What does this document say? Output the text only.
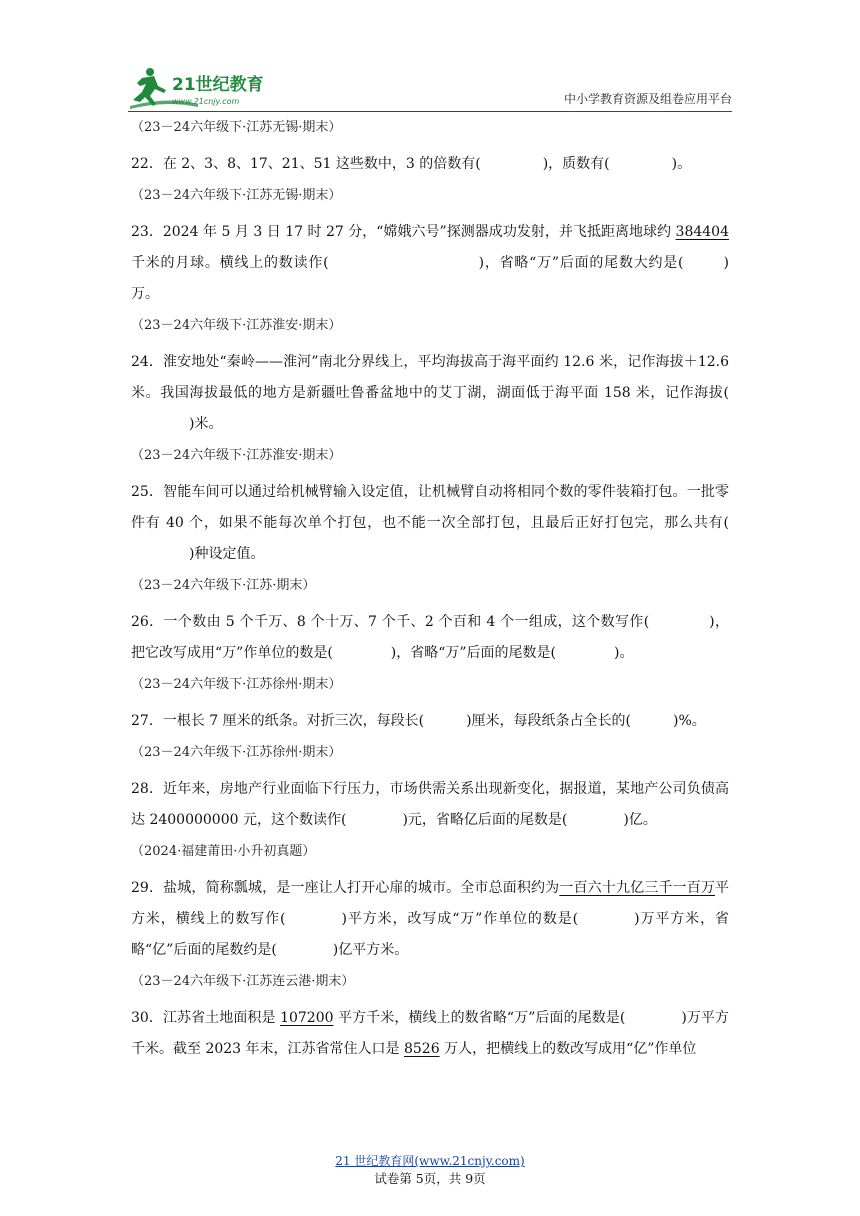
21世纪教育
www.21cnjy.com	中小学教育资源及组卷应用平台
（23－24六年级下·江苏无锡·期末）

22．在 2、3、8、17、21、51 这些数中，3 的倍数有(	)，质数有(	)。

（23－24六年级下·江苏无锡·期末）

23．2024 年 5 月 3 日 17 时 27 分，“嫦娥六号”探测器成功发射，并飞抵距离地球约 384404 千米的月球。横线上的数读作(	)，省略“万”后面的尾数大约是(	)万。

（23－24六年级下·江苏淮安·期末）

24．淮安地处“秦岭——淮河”南北分界线上，平均海拔高于海平面约 12.6 米，记作海拔＋12.6 米。我国海拔最低的地方是新疆吐鲁番盆地中的艾丁湖，湖面低于海平面 158 米，记作海拔()米。

（23－24六年级下·江苏淮安·期末）

25．智能车间可以通过给机械臂输入设定值，让机械臂自动将相同个数的零件装箱打包。一批零件有 40 个，如果不能每次单个打包，也不能一次全部打包，且最后正好打包完，那么共有()种设定值。

（23－24六年级下·江苏·期末）

26．一个数由 5 个千万、8 个十万、7 个千、2 个百和 4 个一组成，这个数写作(	)，把它改写成用“万”作单位的数是(	)，省略“万”后面的尾数是(	)。

（23－24六年级下·江苏徐州·期末）

27．一根长 7 厘米的纸条。对折三次，每段长(	)厘米，每段纸条占全长的(	)%。

（23－24六年级下·江苏徐州·期末）

28．近年来，房地产行业面临下行压力，市场供需关系出现新变化，据报道，某地产公司负债高达 2400000000 元，这个数读作(	)元，省略亿后面的尾数是(	)亿。

（2024·福建莆田·小升初真题）

29．盐城，简称瓢城，是一座让人打开心扉的城市。全市总面积约为一百六十九亿三千一百万平方米，横线上的数写作(	)平方米，改写成“万”作单位的数是(	)万平方米，省略“亿”后面的尾数约是(	)亿平方米。

（23－24六年级下·江苏连云港·期末）

30．江苏省土地面积是 107200 平方千米，横线上的数省略“万”后面的尾数是(	)万平方千米。截至 2023 年末，江苏省常住人口是 8526 万人，把横线上的数改写成用“亿”作单位

21 世纪教育网(www.21cnjy.com)
试卷第 5页，共 9页
